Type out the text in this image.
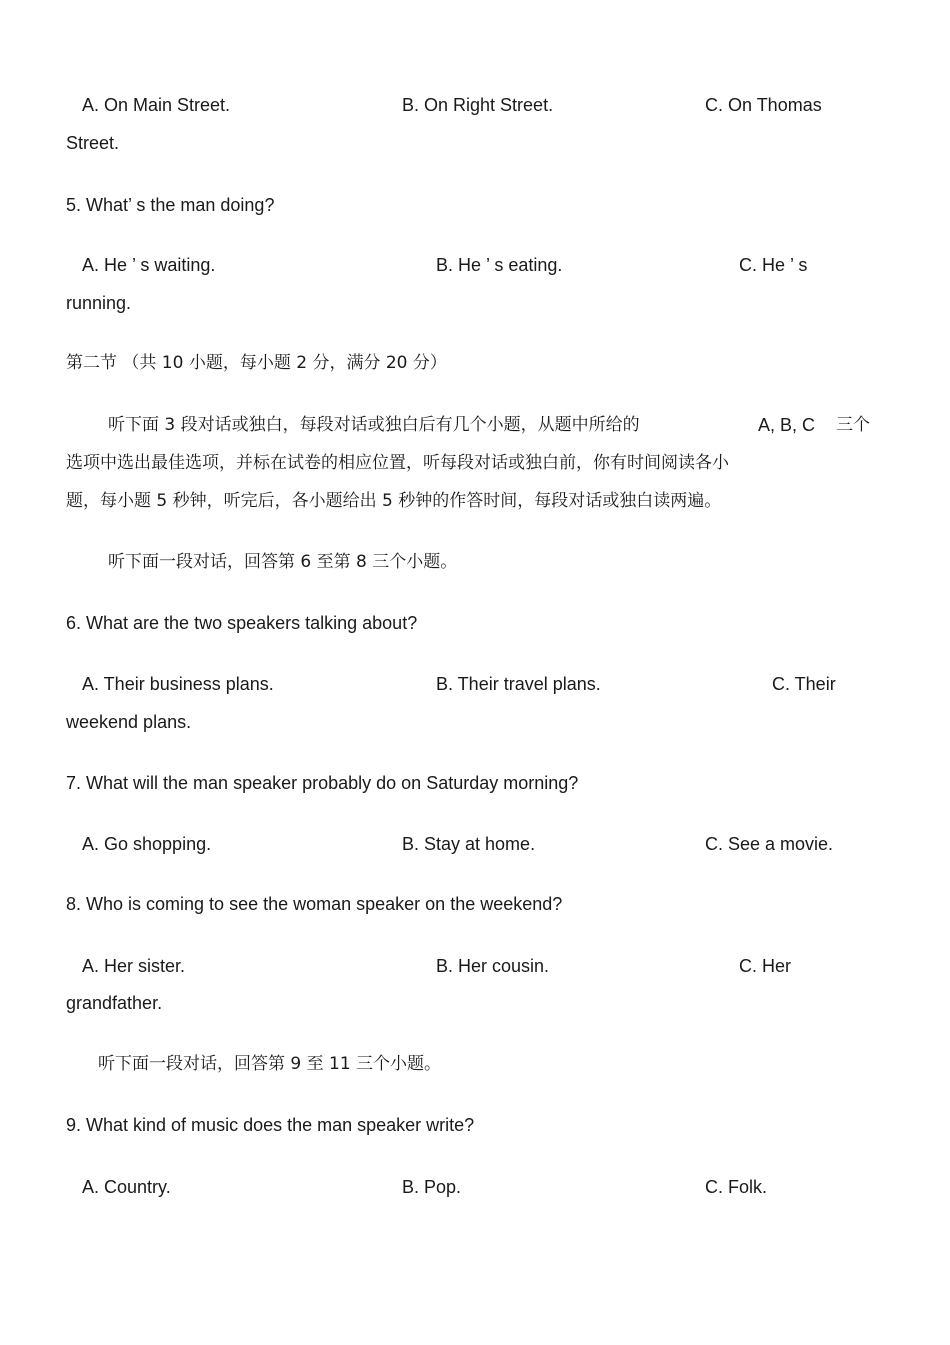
A. On Main Street.	B. On Right Street.	C. On Thomas
Street.
5. What’ s the man doing?
A. He ’ s waiting.	B. He ’ s eating.	C. He ’ s
running.
第二节 （共 10 小题，每小题 2 分，满分 20 分）
听下面 3 段对话或独白，每段对话或独白后有几个小题，从题中所给的	A, B, C 三个
选项中选出最佳选项，并标在试卷的相应位置，听每段对话或独白前，你有时间阅读各小
题，每小题 5 秒钟，听完后，各小题给出 5 秒钟的作答时间，每段对话或独白读两遍。
听下面一段对话，回答第 6 至第 8 三个小题。
6. What are the two speakers talking about?
A. Their business plans.	B. Their travel plans.	C. Their
weekend plans.
7. What will the man speaker probably do on Saturday morning?
A. Go shopping.	B. Stay at home.	C. See a movie.
8. Who is coming to see the woman speaker on the weekend?
A. Her sister.	B. Her cousin.	C. Her
grandfather.
听下面一段对话，回答第 9 至 11 三个小题。
9. What kind of music does the man speaker write?
A. Country.	B. Pop.	C. Folk.
